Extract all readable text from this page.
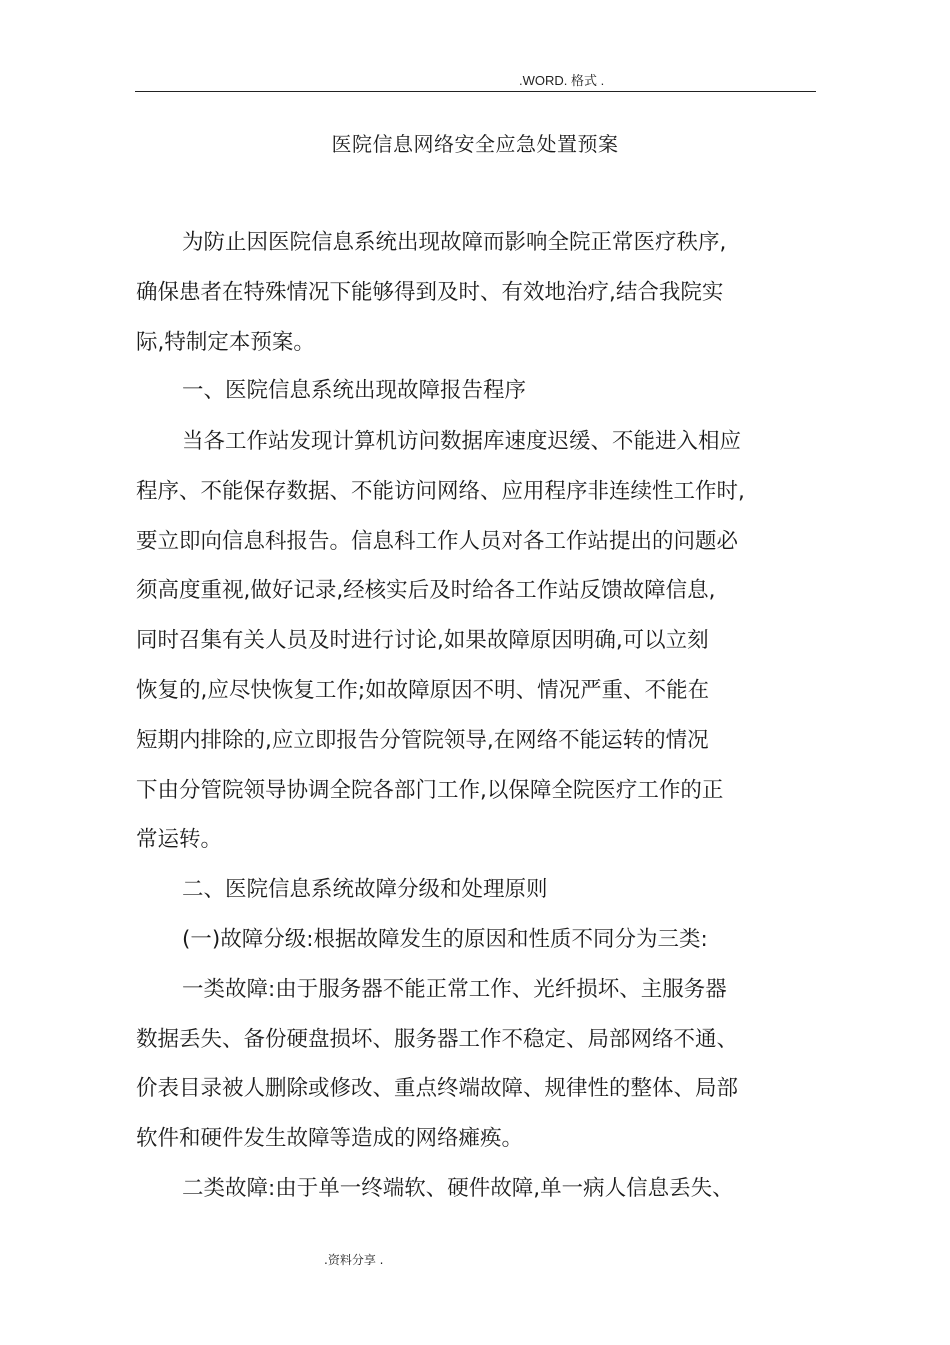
.WORD. 格式 .
医院信息网络安全应急处置预案
为防止因医院信息系统出现故障而影响全院正常医疗秩序,
确保患者在特殊情况下能够得到及时、有效地治疗,结合我院实
际,特制定本预案。
一、医院信息系统出现故障报告程序
当各工作站发现计算机访问数据库速度迟缓、不能进入相应
程序、不能保存数据、不能访问网络、应用程序非连续性工作时,
要立即向信息科报告。信息科工作人员对各工作站提出的问题必
须高度重视,做好记录,经核实后及时给各工作站反馈故障信息,
同时召集有关人员及时进行讨论,如果故障原因明确,可以立刻
恢复的,应尽快恢复工作;如故障原因不明、情况严重、不能在
短期内排除的,应立即报告分管院领导,在网络不能运转的情况
下由分管院领导协调全院各部门工作,以保障全院医疗工作的正
常运转。
二、医院信息系统故障分级和处理原则
(一)故障分级:根据故障发生的原因和性质不同分为三类:
一类故障:由于服务器不能正常工作、光纤损坏、主服务器
数据丢失、备份硬盘损坏、服务器工作不稳定、局部网络不通、
价表目录被人删除或修改、重点终端故障、规律性的整体、局部
软件和硬件发生故障等造成的网络瘫痪。
二类故障:由于单一终端软、硬件故障,单一病人信息丢失、
.资料分享 .
